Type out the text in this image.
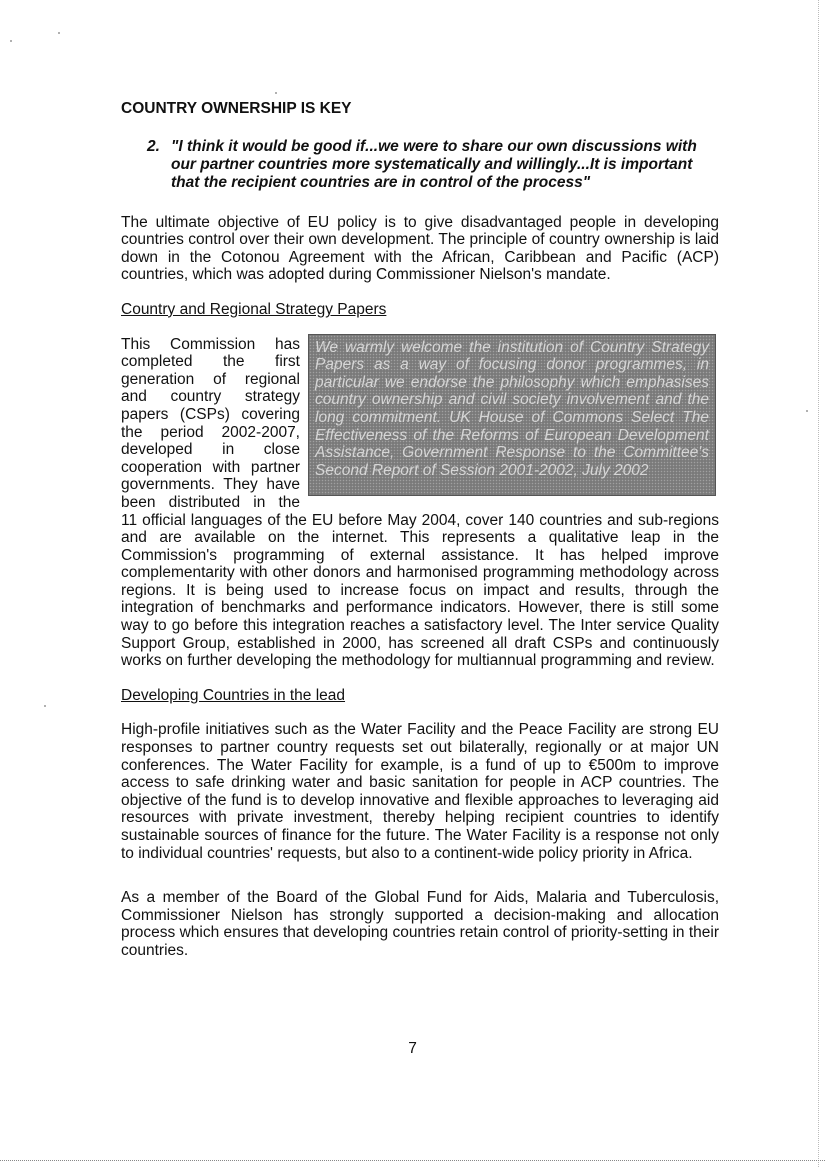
COUNTRY OWNERSHIP IS KEY
2. "I think it would be good if...we were to share our own discussions with
our partner countries more systematically and willingly...It is important
that the recipient countries are in control of the process"

The ultimate objective of EU policy is to give disadvantaged people in developing countries control over their own development. The principle of country ownership is laid down in the Cotonou Agreement with the African, Caribbean and Pacific (ACP) countries, which was adopted during Commissioner Nielson's mandate.

Country and Regional Strategy Papers
This Commission has
completed the first
generation of regional
and country strategy
papers (CSPs) covering
the period 2002-2007,
developed in close
cooperation with partner
governments. They have
been distributed in the
We warmly welcome the institution of Country Strategy Papers as a way of focusing donor programmes, in particular we endorse the philosophy which emphasises country ownership and civil society involvement and the long commitment. UK House of Commons Select The Effectiveness of the Reforms of European Development Assistance, Government Response to the Committee's Second Report of Session 2001-2002, July 2002

11 official languages of the EU before May 2004, cover 140 countries and sub-regions and are available on the internet. This represents a qualitative leap in the Commission's programming of external assistance. It has helped improve complementarity with other donors and harmonised programming methodology across regions. It is being used to increase focus on impact and results, through the integration of benchmarks and performance indicators. However, there is still some way to go before this integration reaches a satisfactory level. The Inter service Quality Support Group, established in 2000, has screened all draft CSPs and continuously works on further developing the methodology for multiannual programming and review.

Developing Countries in the lead

High-profile initiatives such as the Water Facility and the Peace Facility are strong EU responses to partner country requests set out bilaterally, regionally or at major UN conferences. The Water Facility for example, is a fund of up to €500m to improve access to safe drinking water and basic sanitation for people in ACP countries. The objective of the fund is to develop innovative and flexible approaches to leveraging aid resources with private investment, thereby helping recipient countries to identify sustainable sources of finance for the future. The Water Facility is a response not only to individual countries' requests, but also to a continent-wide policy priority in Africa.

As a member of the Board of the Global Fund for Aids, Malaria and Tuberculosis, Commissioner Nielson has strongly supported a decision-making and allocation process which ensures that developing countries retain control of priority-setting in their countries.

7
